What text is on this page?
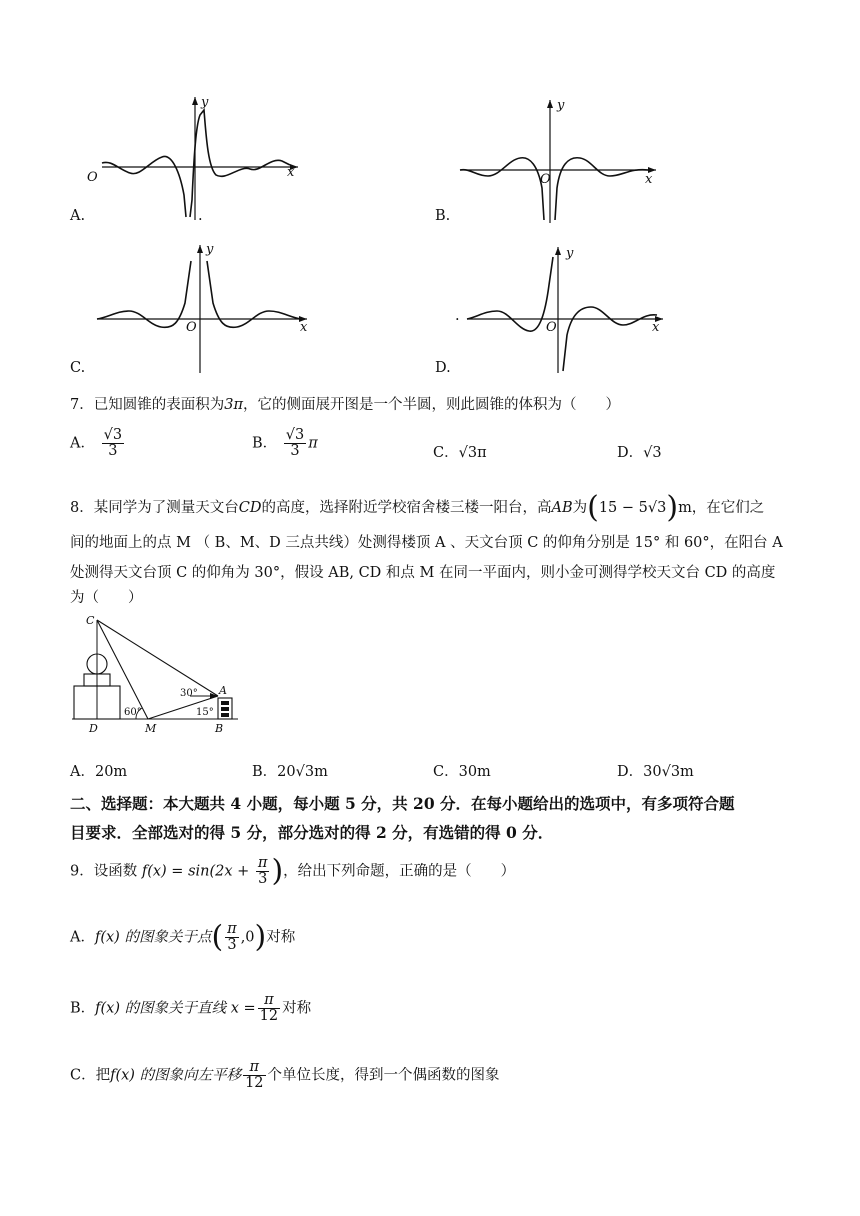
A.
O	x
y
.	B.
O	x
y
C.
O	x
y
D.
.
O	x
y
7．已知圆锥的表面积为3π，它的侧面展开图是一个半圆，则此圆锥的体积为（　　）
A． $\frac{√3}{3}$	B． $\frac{√3}{3}$ π
C．√3π	D．√3
8．某同学为了测量天文台CD的高度，选择附近学校宿舍楼三楼一阳台，高AB为(15 − 5√3)m，在它们之
间的地面上的点 M （ B、M、D 三点共线）处测得楼顶 A 、天文台顶 C 的仰角分别是 15° 和 60°，在阳台 A
处测得天文台顶 C 的仰角为 30°，假设 AB, CD 和点 M 在同一平面内，则小金可测得学校天文台 CD 的高度
为（　　）
C
A
D	M	B
60°
30°
15°
A．20m	B．20√3m	C．30m	D．30√3m
二、选择题：本大题共 4 小题，每小题 5 分，共 20 分．在每小题给出的选项中，有多项符合题
目要求．全部选对的得 5 分，部分选对的得 2 分，有选错的得 0 分．
9．设函数 $f(x) = \sin(2x + \frac{\pi}{3}$ )，给出下列命题，正确的是（　　）
A．f(x) 的图象关于点( $\frac{\pi}{3} ,0$)对称
B．f(x) 的图象关于直线 $x = \frac{\pi}{12}$ 对称
C．把f(x) 的图象向左平移 $\frac{\pi}{12}$ 个单位长度，得到一个偶函数的图象
